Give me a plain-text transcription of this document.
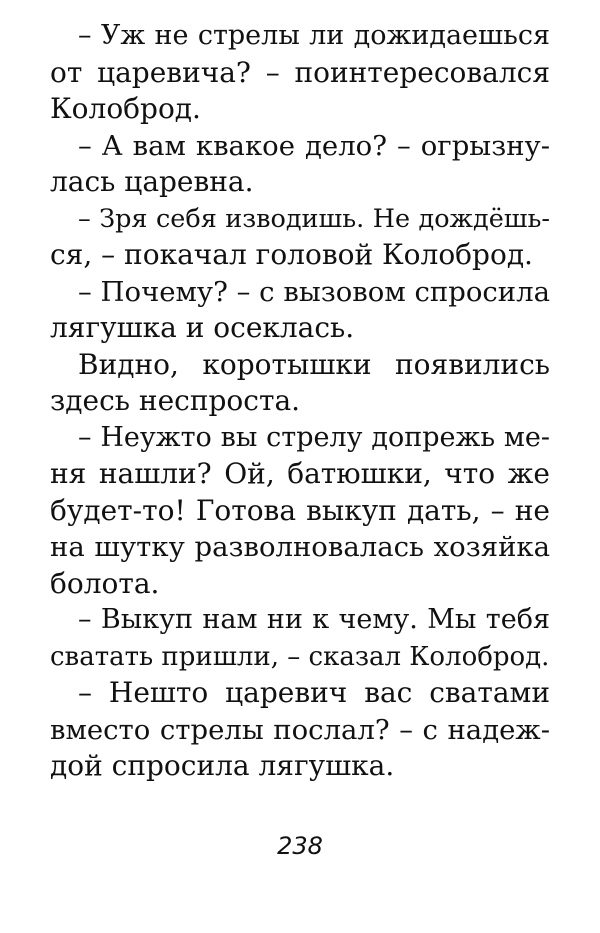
– Уж не стрелы ли дожидаешься
от царевича? – поинтересовался
Колоброд.
– А вам квакое дело? – огрызну-
лась царевна.
– Зря себя изводишь. Не дождёшь-
ся, – покачал головой Колоброд.
– Почему? – с вызовом спросила
лягушка и осеклась.
Видно, коротышки появились
здесь неспроста.
– Неужто вы стрелу допрежь ме-
ня нашли? Ой, батюшки, что же
будет-то! Готова выкуп дать, – не
на шутку разволновалась хозяйка
болота.
– Выкуп нам ни к чему. Мы тебя
сватать пришли, – сказал Колоброд.
– Нешто царевич вас сватами
вместо стрелы послал? – с надеж-
дой спросила лягушка.
238
